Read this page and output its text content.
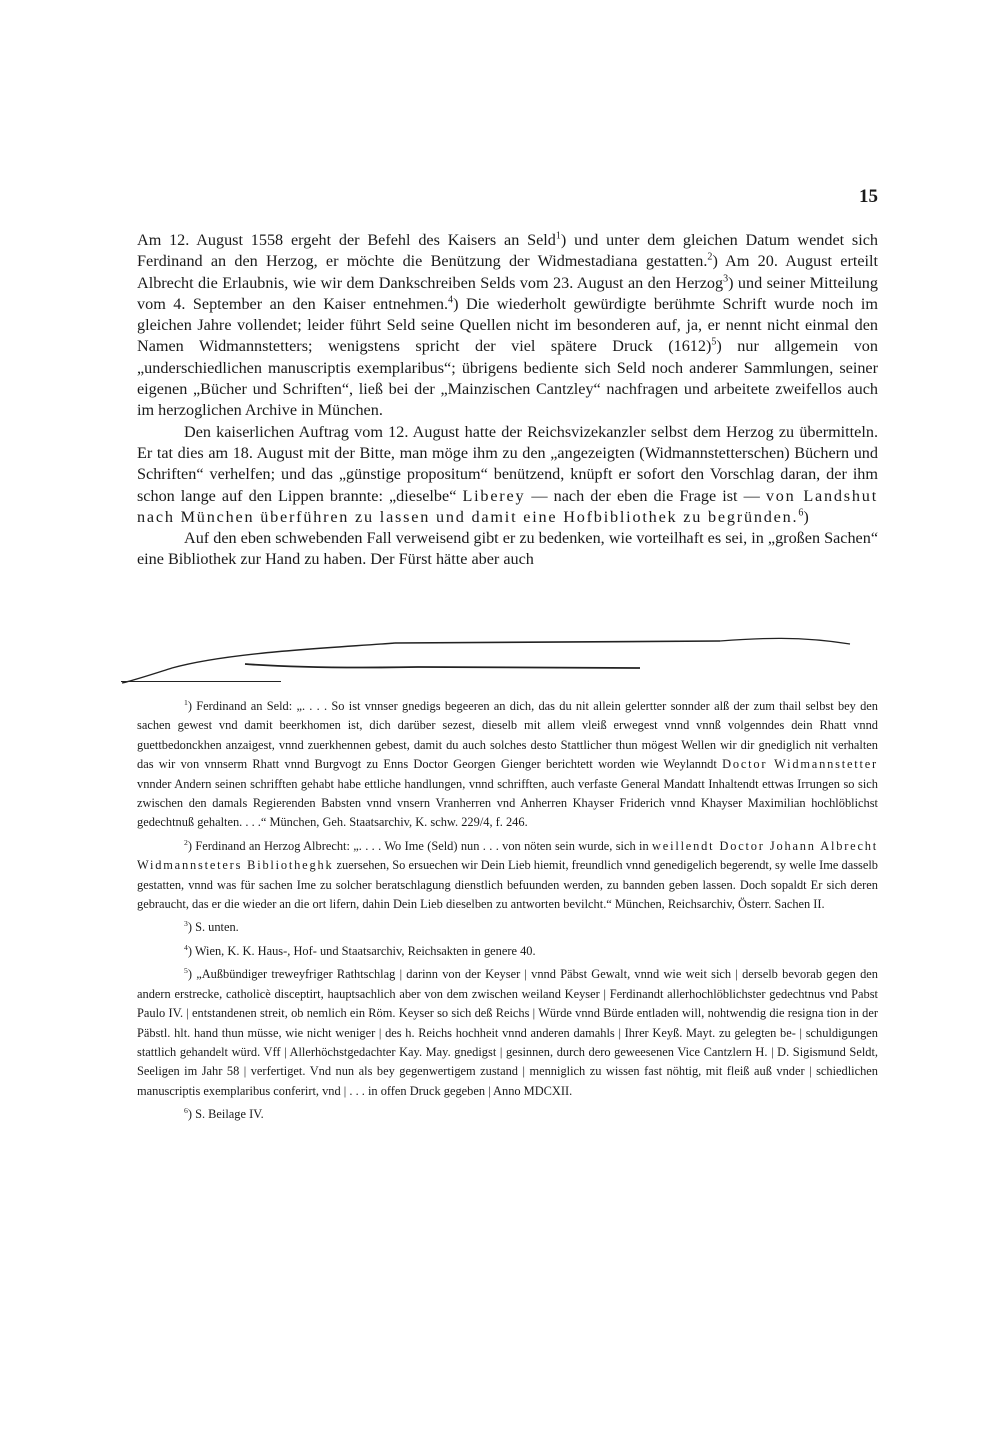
15

Am 12. August 1558 ergeht der Befehl des Kaisers an Seld$^1$) und unter dem gleichen Datum wendet sich Ferdinand an den Herzog, er möchte die Benützung der Widmestadiana gestatten.$^2$) Am 20. August erteilt Albrecht die Erlaubnis, wie wir dem Dankschreiben Selds vom 23. August an den Herzog$^3$) und seiner Mitteilung vom 4. September an den Kaiser entnehmen.$^4$) Die wiederholt gewürdigte berühmte Schrift wurde noch im gleichen Jahre vollendet; leider führt Seld seine Quellen nicht im besonderen auf, ja, er nennt nicht einmal den Namen Widmannstetters; wenigstens spricht der viel spätere Druck $(1612)^5$) nur allgemein von „underschiedlichen manuscriptis exemplaribus“; übrigens bediente sich Seld noch anderer Sammlungen, seiner eigenen „Bücher und Schriften“, ließ bei der „Mainzischen Cantzley“ nachfragen und arbeitete zweifellos auch im herzoglichen Archive in München.

Den kaiserlichen Auftrag vom 12. August hatte der Reichsvizekanzler selbst dem Herzog zu übermitteln. Er tat dies am 18. August mit der Bitte, man möge ihm zu den „angezeigten (Widmannstetterschen) Büchern und Schriften“ verhelfen; und das „günstige propositum“ benützend, knüpft er sofort den Vorschlag daran, der ihm schon lange auf den Lippen brannte: „dieselbe“ Liberey — nach der eben die Frage ist — von Landshut nach München überführen zu lassen und damit eine Hofbibliothek zu begründen.$^6$)

Auf den eben schwebenden Fall verweisend gibt er zu bedenken, wie vorteilhaft es sei, in „großen Sachen“ eine Bibliothek zur Hand zu haben. Der Fürst hätte aber auch

$^1$) Ferdinand an Seld: „. . . . So ist vnnser gnedigs begeeren an dich, das du nit allein gelertter sonnder alß der zum thail selbst bey den sachen gewest vnd damit beerkhomen ist, dich darüber sezest, dieselb mit allem vleiß erwegest vnnd vnnß volgenndes dein Rhatt vnnd guettbedonckhen anzaigest, vnnd zuerkhennen gebest, damit du auch solches desto Stattlicher thun mögest Wellen wir dir gnediglich nit verhalten das wir von vnnserm Rhatt vnnd Burgvogt zu Enns Doctor Georgen Gienger berichtett worden wie Weylanndt Doctor Widmannstetter vnnder Andern seinen schrifften gehabt habe ettliche handlungen, vnnd schrifften, auch verfaste General Mandatt Inhaltendt ettwas Irrungen so sich zwischen den damals Regierenden Babsten vnnd vnsern Vranherren vnd Anherren Khayser Friderich vnnd Khayser Maximilian hochlöblichst gedechtnuß gehalten. . . .“ München, Geh. Staatsarchiv, K. schw. 229/4, f. 246.

$^2$) Ferdinand an Herzog Albrecht: „. . . . Wo Ime (Seld) nun . . . von nöten sein wurde, sich in weillendt Doctor Johann Albrecht Widmannsteters Bibliotheghk zuersehen, So ersuechen wir Dein Lieb hiemit, freundlich vnnd genedigelich begerendt, sy welle Ime dasselb gestatten, vnnd was für sachen Ime zu solcher beratschlagung dienstlich befuunden werden, zu bannden geben lassen. Doch sopaldt Er sich deren gebraucht, das er die wieder an die ort lifern, dahin Dein Lieb dieselben zu antworten bevilcht.“ München, Reichsarchiv, Österr. Sachen II.

$^3$) S. unten.

$^4$) Wien, K. K. Haus-, Hof- und Staatsarchiv, Reichsakten in genere 40.

$^5$) „Außbündiger treweyfriger Rathtschlag | darinn von der Keyser | vnnd Päbst Gewalt, vnnd wie weit sich | derselb bevorab gegen den andern erstrecke, catholicè disceptirt, hauptsachlich aber von dem zwischen weiland Keyser | Ferdinandt allerhochlöblichster gedechtnus vnd Pabst Paulo IV. | entstandenen streit, ob nemlich ein Röm. Keyser so sich deß Reichs | Würde vnnd Bürde entladen will, nohtwendig die resigna tion in der Päbstl. hlt. hand thun müsse, wie nicht weniger | des h. Reichs hochheit vnnd anderen damahls | Ihrer Keyß. Mayt. zu gelegten be- | schuldigungen stattlich gehandelt würd. Vff | Allerhöchstgedachter Kay. May. gnedigst | gesinnen, durch dero geweesenen Vice Cantzlern H. | D. Sigismund Seldt, Seeligen im Jahr 58 | verfertiget. Vnd nun als bey gegenwertigem zustand | menniglich zu wissen fast nöhtig, mit fleiß auß vnder | schiedlichen manuscriptis exemplaribus conferirt, vnd | . . . in offen Druck gegeben | Anno MDCXII.

$^6$) S. Beilage IV.
